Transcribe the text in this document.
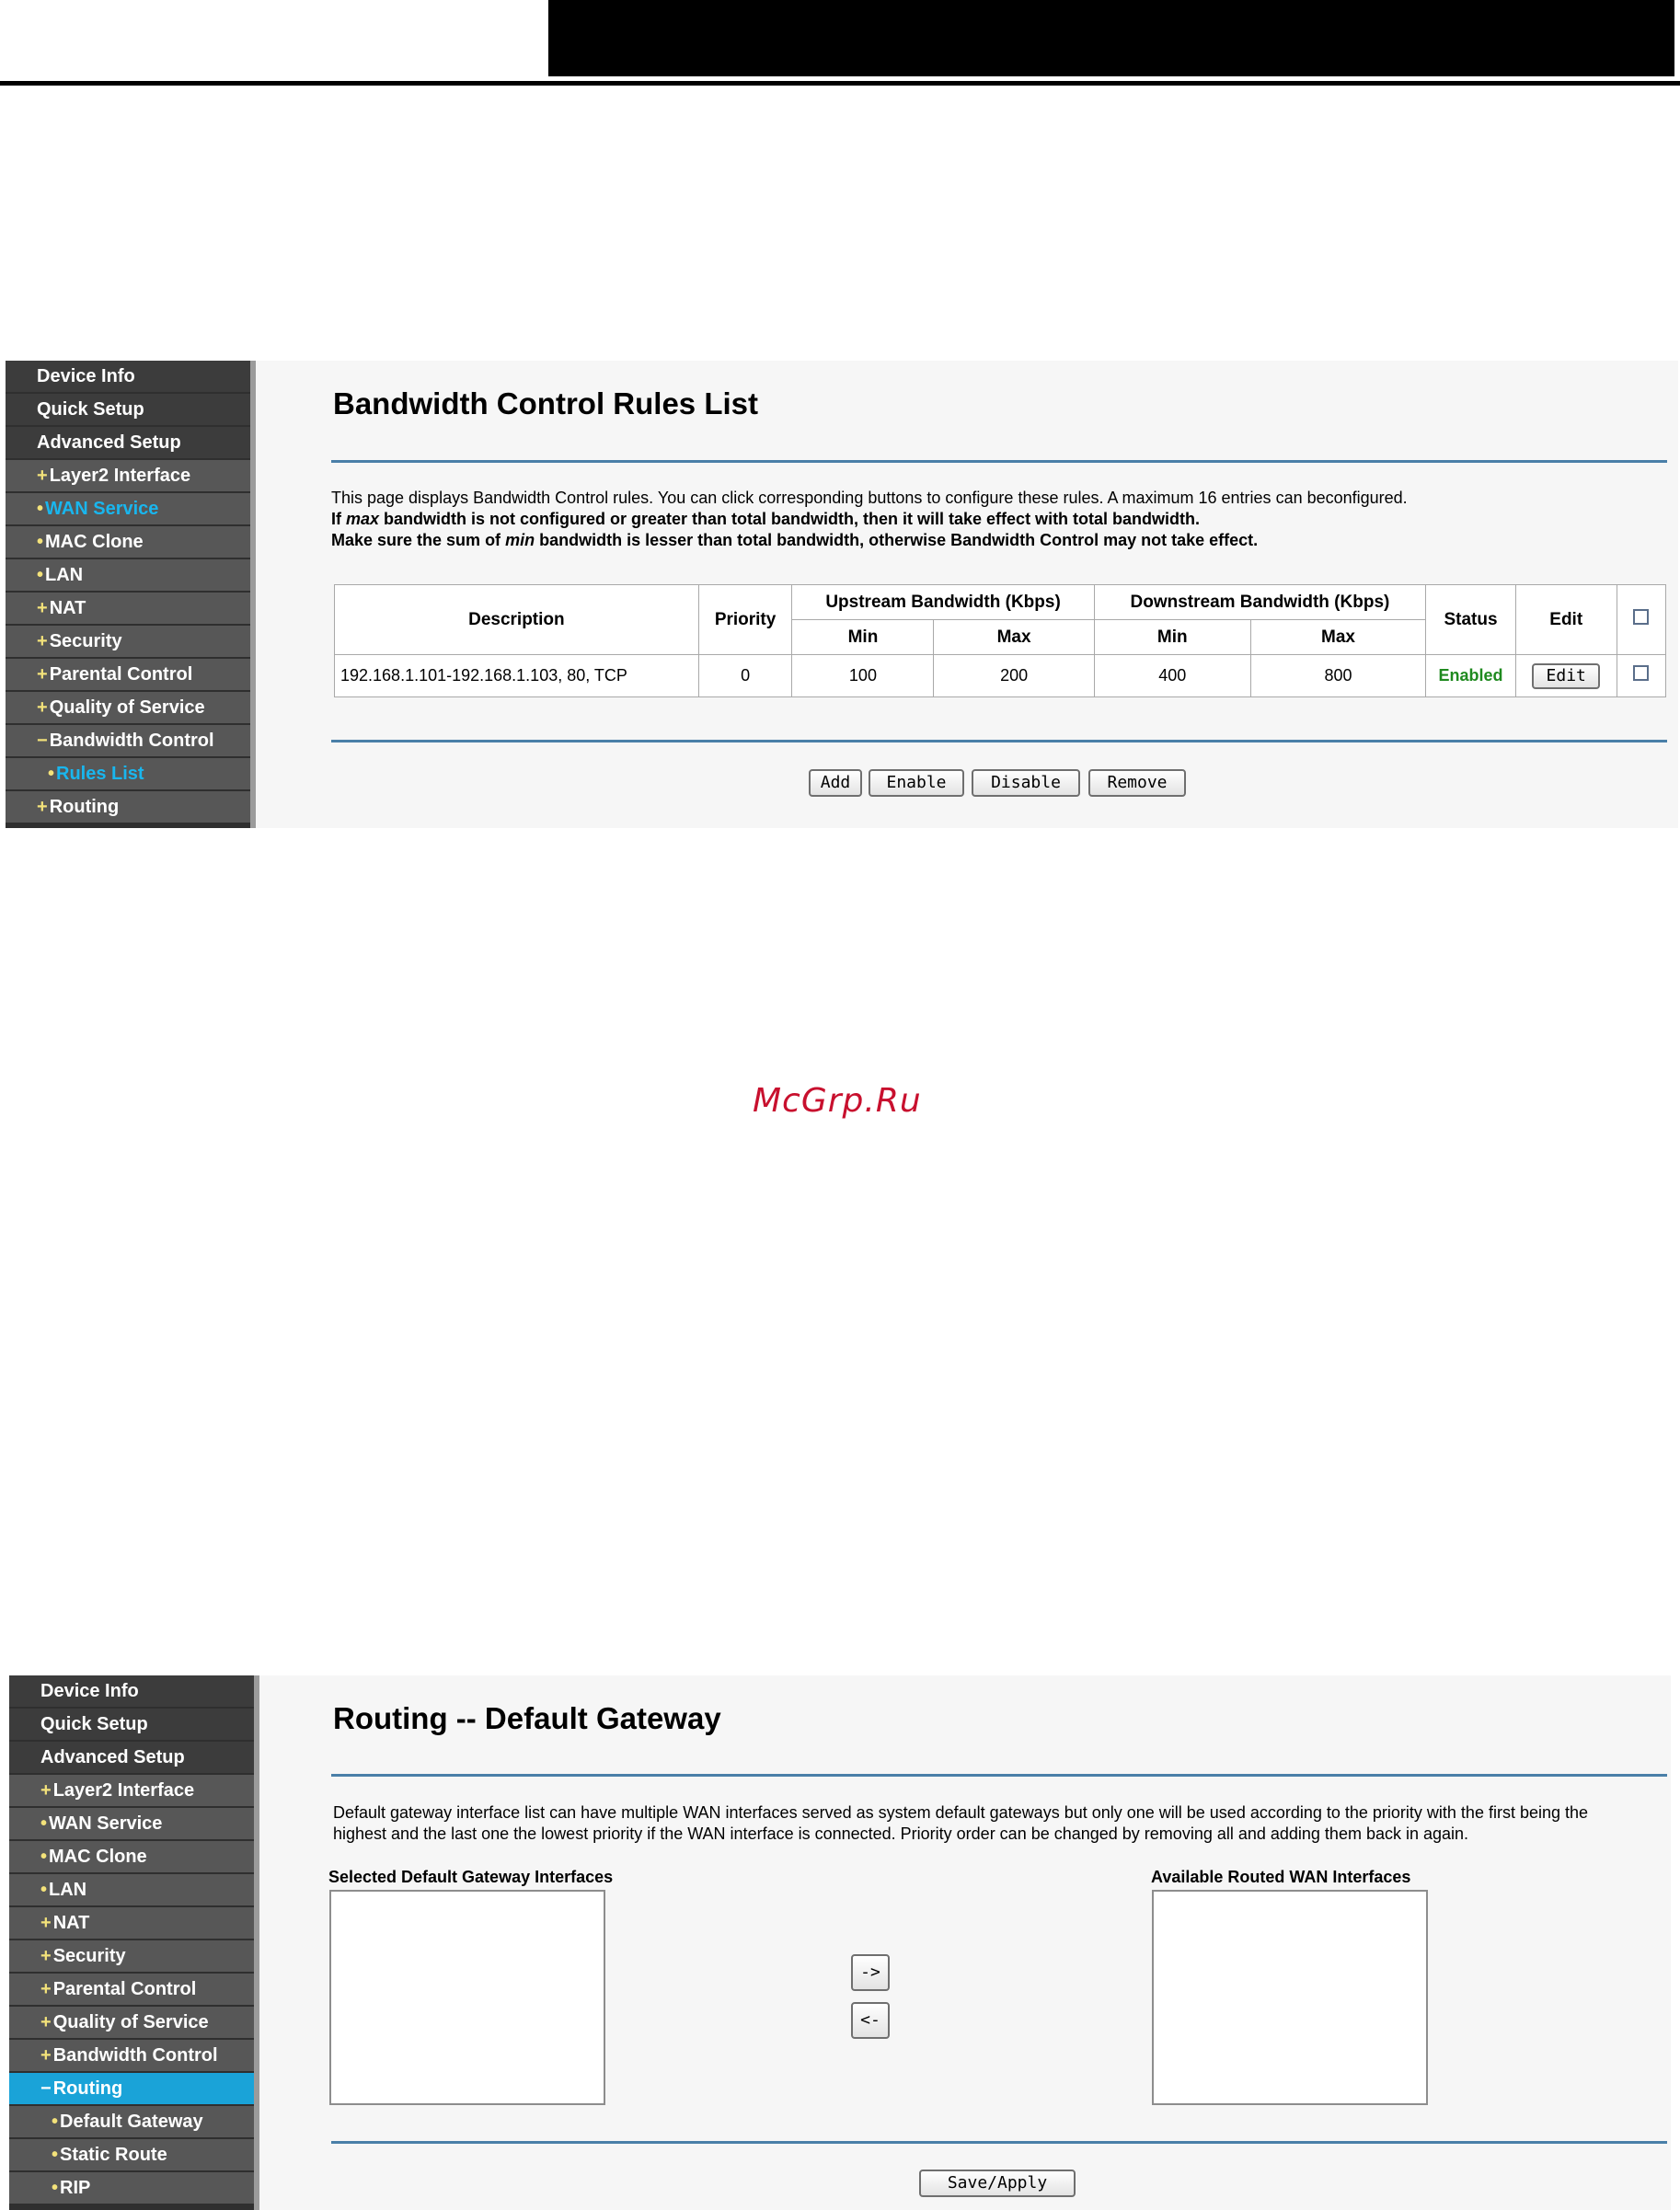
Device Info
Quick Setup
Advanced Setup
+ Layer2 Interface
• WAN Service
• MAC Clone
• LAN
+ NAT
+ Security
+ Parental Control
+ Quality of Service
− Bandwidth Control
• Rules List
+ Routing
Bandwidth Control Rules List
This page displays Bandwidth Control rules. You can click corresponding buttons to configure these rules. A maximum 16 entries can beconfigured.
If max bandwidth is not configured or greater than total bandwidth, then it will take effect with total bandwidth.
Make sure the sum of min bandwidth is lesser than total bandwidth, otherwise Bandwidth Control may not take effect.
Description	Priority	Upstream Bandwidth (Kbps)		Downstream Bandwidth (Kbps)		Status	Edit	
		Min	Max	Min	Max			
192.168.1.101-192.168.1.103, 80, TCP	0	100	200	400	800	Enabled	Edit	
Add	Enable	Disable	Remove
McGrp.Ru
Device Info
Quick Setup
Advanced Setup
+ Layer2 Interface
• WAN Service
• MAC Clone
• LAN
+ NAT
+ Security
+ Parental Control
+ Quality of Service
+ Bandwidth Control
− Routing
• Default Gateway
• Static Route
• RIP
Routing -- Default Gateway
Default gateway interface list can have multiple WAN interfaces served as system default gateways but only one will be used according to the priority with the first being the
highest and the last one the lowest priority if the WAN interface is connected. Priority order can be changed by removing all and adding them back in again.
Selected Default Gateway Interfaces
->
<-
Available Routed WAN Interfaces
Save/Apply
